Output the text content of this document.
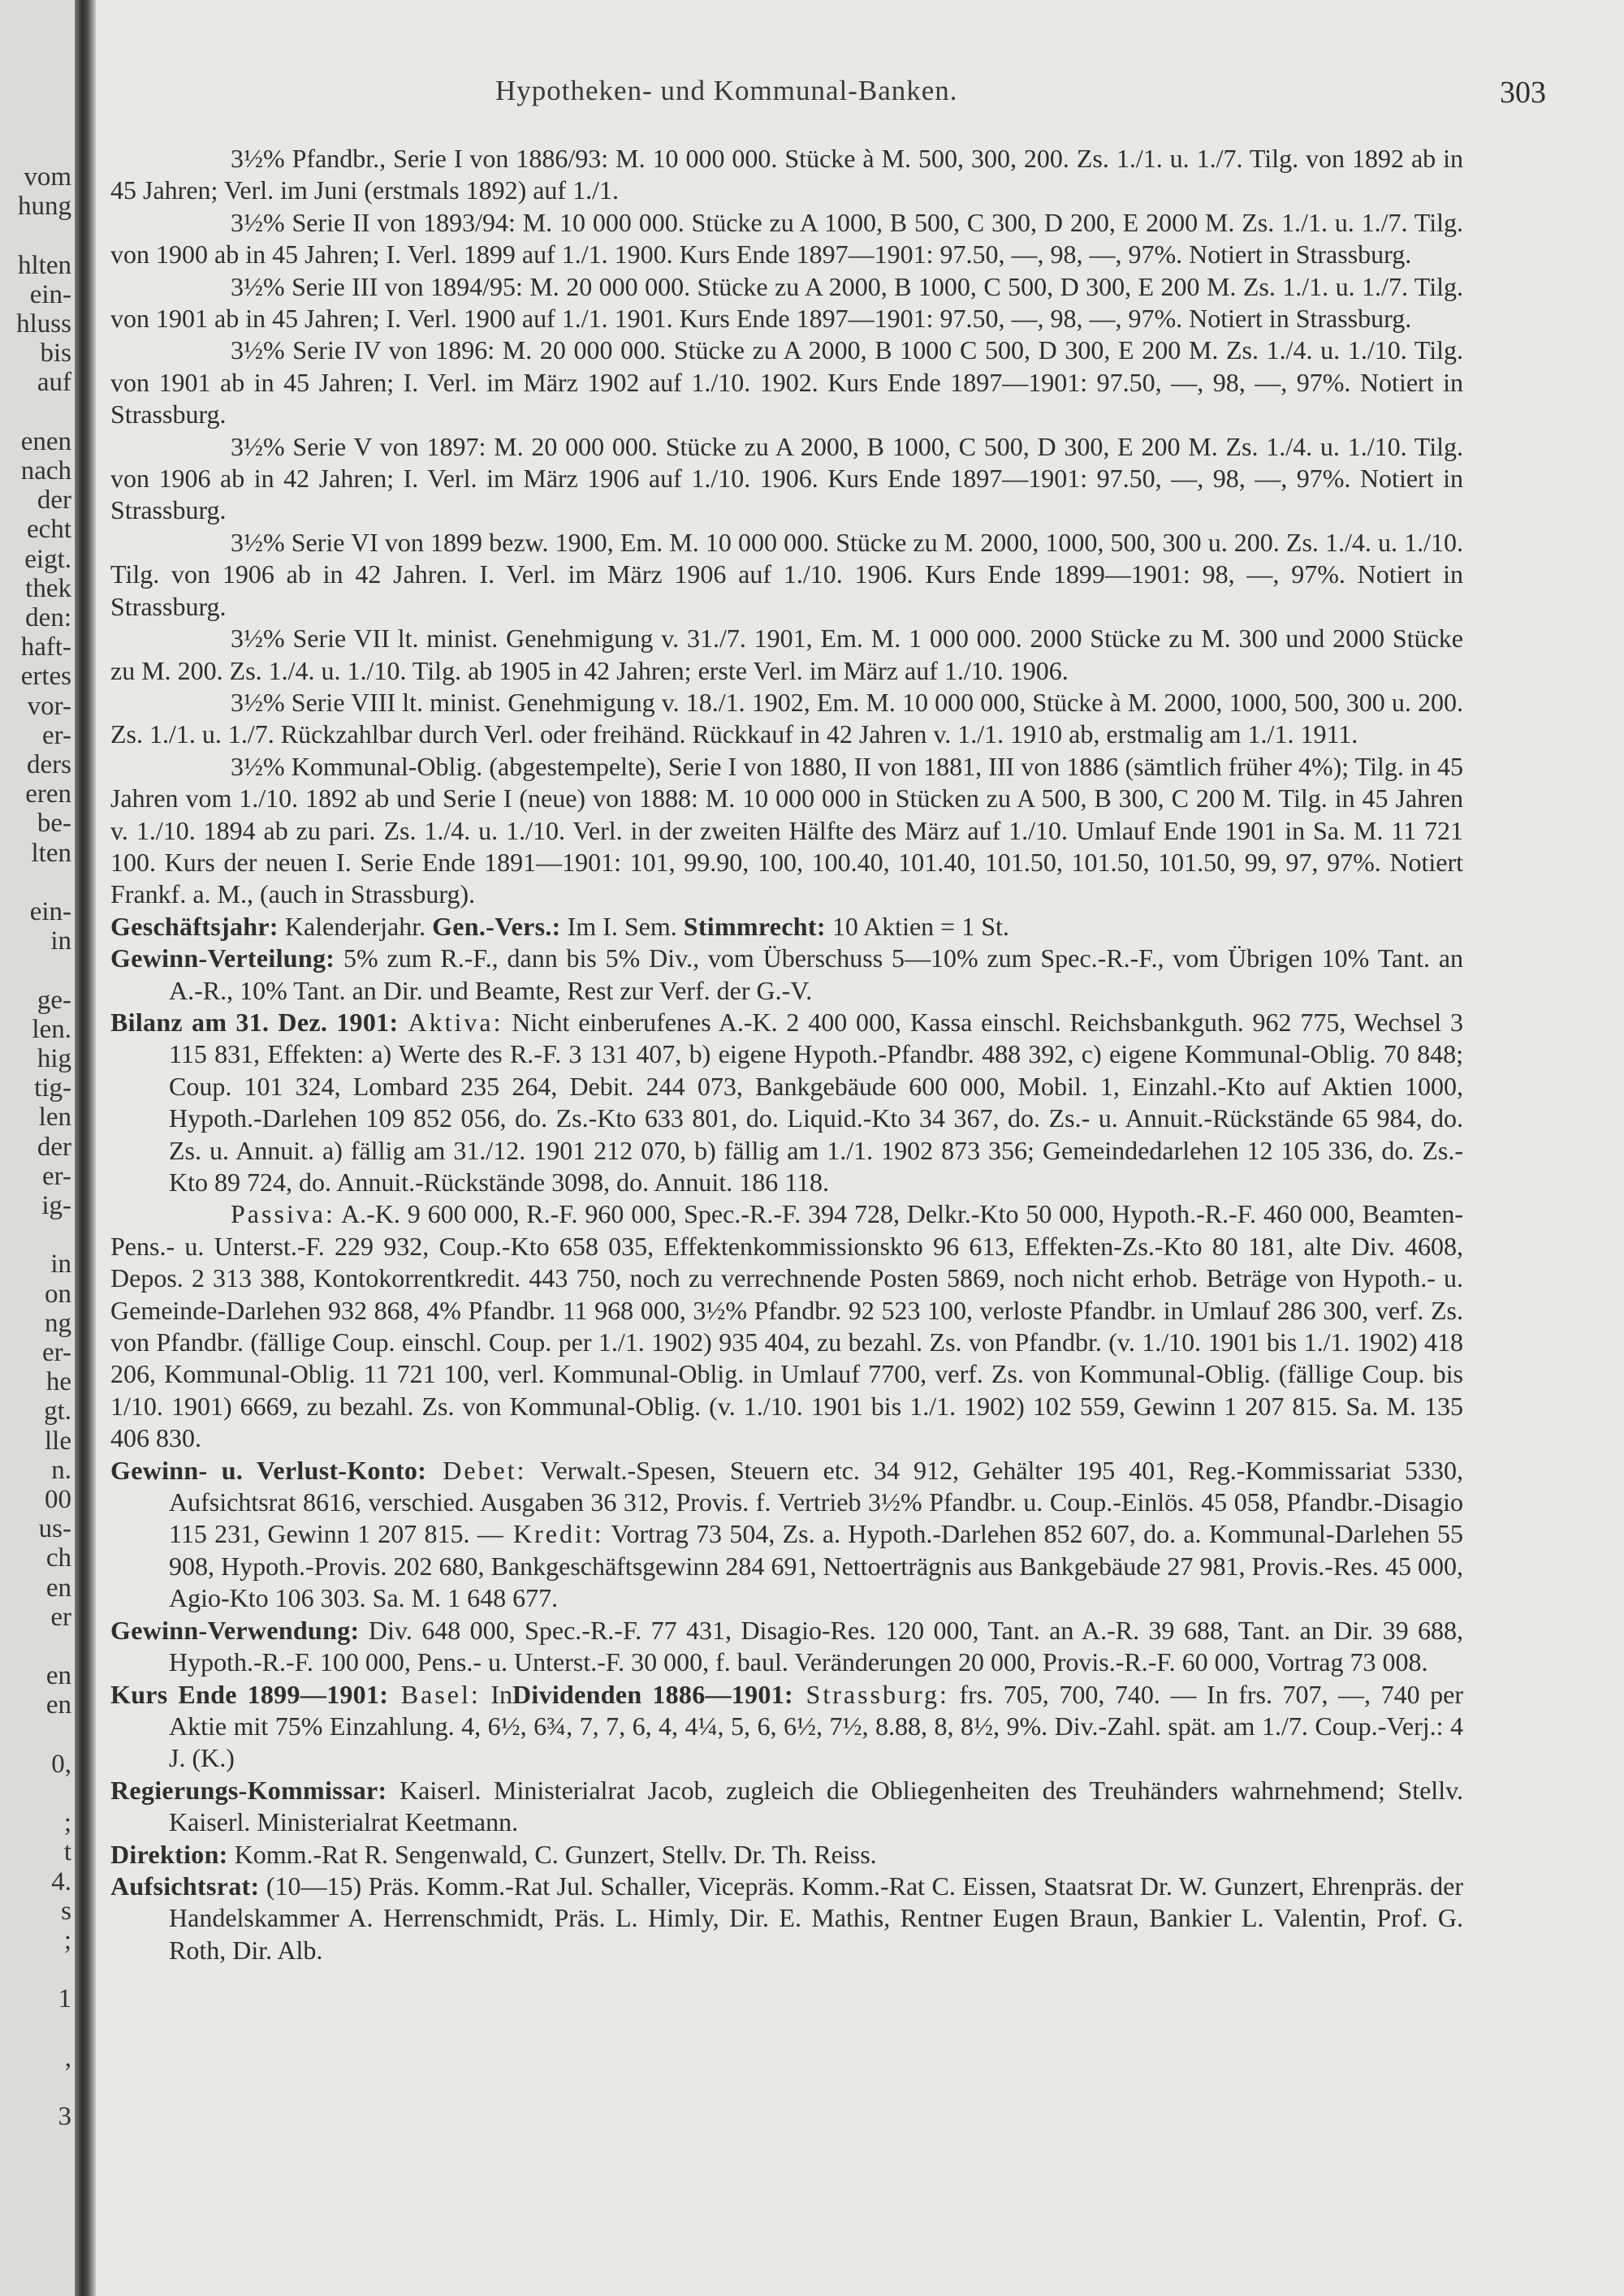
vom
hung
hlten
ein-
hluss
bis
auf
enen
nach
der
echt
eigt.
thek
den:
haft-
ertes
vor-
er-
ders
eren
be-
lten
ein-
in
ge-
len.
hig
tig-
len
der
er-
ig-
in
on
ng
er-
he
gt.
lle
n.
00
us-
ch
en
er
en
en
0,
;
t
4.
s
;
1
,
3
Hypotheken- und Kommunal-Banken.	303

3½% Pfandbr., Serie I von 1886/93: M. 10 000 000. Stücke à M. 500, 300, 200. Zs. 1./1. u. 1./7. Tilg. von 1892 ab in 45 Jahren; Verl. im Juni (erstmals 1892) auf 1./1.

3½% Serie II von 1893/94: M. 10 000 000. Stücke zu A 1000, B 500, C 300, D 200, E 2000 M. Zs. 1./1. u. 1./7. Tilg. von 1900 ab in 45 Jahren; I. Verl. 1899 auf 1./1. 1900. Kurs Ende 1897—1901: 97.50, —, 98, —, 97%. Notiert in Strassburg.

3½% Serie III von 1894/95: M. 20 000 000. Stücke zu A 2000, B 1000, C 500, D 300, E 200 M. Zs. 1./1. u. 1./7. Tilg. von 1901 ab in 45 Jahren; I. Verl. 1900 auf 1./1. 1901. Kurs Ende 1897—1901: 97.50, —, 98, —, 97%. Notiert in Strassburg.

3½% Serie IV von 1896: M. 20 000 000. Stücke zu A 2000, B 1000 C 500, D 300, E 200 M. Zs. 1./4. u. 1./10. Tilg. von 1901 ab in 45 Jahren; I. Verl. im März 1902 auf 1./10. 1902. Kurs Ende 1897—1901: 97.50, —, 98, —, 97%. Notiert in Strassburg.

3½% Serie V von 1897: M. 20 000 000. Stücke zu A 2000, B 1000, C 500, D 300, E 200 M. Zs. 1./4. u. 1./10. Tilg. von 1906 ab in 42 Jahren; I. Verl. im März 1906 auf 1./10. 1906. Kurs Ende 1897—1901: 97.50, —, 98, —, 97%. Notiert in Strassburg.

3½% Serie VI von 1899 bezw. 1900, Em. M. 10 000 000. Stücke zu M. 2000, 1000, 500, 300 u. 200. Zs. 1./4. u. 1./10. Tilg. von 1906 ab in 42 Jahren. I. Verl. im März 1906 auf 1./10. 1906. Kurs Ende 1899—1901: 98, —, 97%. Notiert in Strassburg.

3½% Serie VII lt. minist. Genehmigung v. 31./7. 1901, Em. M. 1 000 000. 2000 Stücke zu M. 300 und 2000 Stücke zu M. 200. Zs. 1./4. u. 1./10. Tilg. ab 1905 in 42 Jahren; erste Verl. im März auf 1./10. 1906.

3½% Serie VIII lt. minist. Genehmigung v. 18./1. 1902, Em. M. 10 000 000, Stücke à M. 2000, 1000, 500, 300 u. 200. Zs. 1./1. u. 1./7. Rückzahlbar durch Verl. oder freihänd. Rückkauf in 42 Jahren v. 1./1. 1910 ab, erstmalig am 1./1. 1911.

3½% Kommunal-Oblig. (abgestempelte), Serie I von 1880, II von 1881, III von 1886 (sämtlich früher 4%); Tilg. in 45 Jahren vom 1./10. 1892 ab und Serie I (neue) von 1888: M. 10 000 000 in Stücken zu A 500, B 300, C 200 M. Tilg. in 45 Jahren v. 1./10. 1894 ab zu pari. Zs. 1./4. u. 1./10. Verl. in der zweiten Hälfte des März auf 1./10. Umlauf Ende 1901 in Sa. M. 11 721 100. Kurs der neuen I. Serie Ende 1891—1901: 101, 99.90, 100, 100.40, 101.40, 101.50, 101.50, 101.50, 99, 97, 97%. Notiert Frankf. a. M., (auch in Strassburg).

Geschäftsjahr: Kalenderjahr. Gen.-Vers.: Im I. Sem. Stimmrecht: 10 Aktien = 1 St.

Gewinn-Verteilung: 5% zum R.-F., dann bis 5% Div., vom Überschuss 5—10% zum Spec.-R.-F., vom Übrigen 10% Tant. an A.-R., 10% Tant. an Dir. und Beamte, Rest zur Verf. der G.-V.

Bilanz am 31. Dez. 1901: Aktiva: Nicht einberufenes A.-K. 2 400 000, Kassa einschl. Reichsbankguth. 962 775, Wechsel 3 115 831, Effekten: a) Werte des R.-F. 3 131 407, b) eigene Hypoth.-Pfandbr. 488 392, c) eigene Kommunal-Oblig. 70 848; Coup. 101 324, Lombard 235 264, Debit. 244 073, Bankgebäude 600 000, Mobil. 1, Einzahl.-Kto auf Aktien 1000, Hypoth.-Darlehen 109 852 056, do. Zs.-Kto 633 801, do. Liquid.-Kto 34 367, do. Zs.- u. Annuit.-Rückstände 65 984, do. Zs. u. Annuit. a) fällig am 31./12. 1901 212 070, b) fällig am 1./1. 1902 873 356; Gemeindedarlehen 12 105 336, do. Zs.-Kto 89 724, do. Annuit.-Rückstände 3098, do. Annuit. 186 118.

Passiva: A.-K. 9 600 000, R.-F. 960 000, Spec.-R.-F. 394 728, Delkr.-Kto 50 000, Hypoth.-R.-F. 460 000, Beamten-Pens.- u. Unterst.-F. 229 932, Coup.-Kto 658 035, Effektenkommissionskto 96 613, Effekten-Zs.-Kto 80 181, alte Div. 4608, Depos. 2 313 388, Kontokorrentkredit. 443 750, noch zu verrechnende Posten 5869, noch nicht erhob. Beträge von Hypoth.- u. Gemeinde-Darlehen 932 868, 4% Pfandbr. 11 968 000, 3½% Pfandbr. 92 523 100, verloste Pfandbr. in Umlauf 286 300, verf. Zs. von Pfandbr. (fällige Coup. einschl. Coup. per 1./1. 1902) 935 404, zu bezahl. Zs. von Pfandbr. (v. 1./10. 1901 bis 1./1. 1902) 418 206, Kommunal-Oblig. 11 721 100, verl. Kommunal-Oblig. in Umlauf 7700, verf. Zs. von Kommunal-Oblig. (fällige Coup. bis 1/10. 1901) 6669, zu bezahl. Zs. von Kommunal-Oblig. (v. 1./10. 1901 bis 1./1. 1902) 102 559, Gewinn 1 207 815. Sa. M. 135 406 830.

Gewinn- u. Verlust-Konto: Debet: Verwalt.-Spesen, Steuern etc. 34 912, Gehälter 195 401, Reg.-Kommissariat 5330, Aufsichtsrat 8616, verschied. Ausgaben 36 312, Provis. f. Vertrieb 3½% Pfandbr. u. Coup.-Einlös. 45 058, Pfandbr.-Disagio 115 231, Gewinn 1 207 815. — Kredit: Vortrag 73 504, Zs. a. Hypoth.-Darlehen 852 607, do. a. Kommunal-Darlehen 55 908, Hypoth.-Provis. 202 680, Bankgeschäftsgewinn 284 691, Nettoerträgnis aus Bankgebäude 27 981, Provis.-Res. 45 000, Agio-Kto 106 303. Sa. M. 1 648 677.

Gewinn-Verwendung: Div. 648 000, Spec.-R.-F. 77 431, Disagio-Res. 120 000, Tant. an A.-R. 39 688, Tant. an Dir. 39 688, Hypoth.-R.-F. 100 000, Pens.- u. Unterst.-F. 30 000, f. baul. Veränderungen 20 000, Provis.-R.-F. 60 000, Vortrag 73 008.

Kurs Ende 1899—1901: Basel: InDividenden 1886—1901: Strassburg: frs. 705, 700, 740. — In frs. 707, —, 740 per Aktie mit 75% Einzahlung. 4, 6½, 6¾, 7, 7, 6, 4, 4¼, 5, 6, 6½, 7½, 8.88, 8, 8½, 9%. Div.-Zahl. spät. am 1./7. Coup.-Verj.: 4 J. (K.)

Regierungs-Kommissar: Kaiserl. Ministerialrat Jacob, zugleich die Obliegenheiten des Treuhänders wahrnehmend; Stellv. Kaiserl. Ministerialrat Keetmann.

Direktion: Komm.-Rat R. Sengenwald, C. Gunzert, Stellv. Dr. Th. Reiss.

Aufsichtsrat: (10—15) Präs. Komm.-Rat Jul. Schaller, Vicepräs. Komm.-Rat C. Eissen, Staatsrat Dr. W. Gunzert, Ehrenpräs. der Handelskammer A. Herrenschmidt, Präs. L. Himly, Dir. E. Mathis, Rentner Eugen Braun, Bankier L. Valentin, Prof. G. Roth, Dir. Alb.
